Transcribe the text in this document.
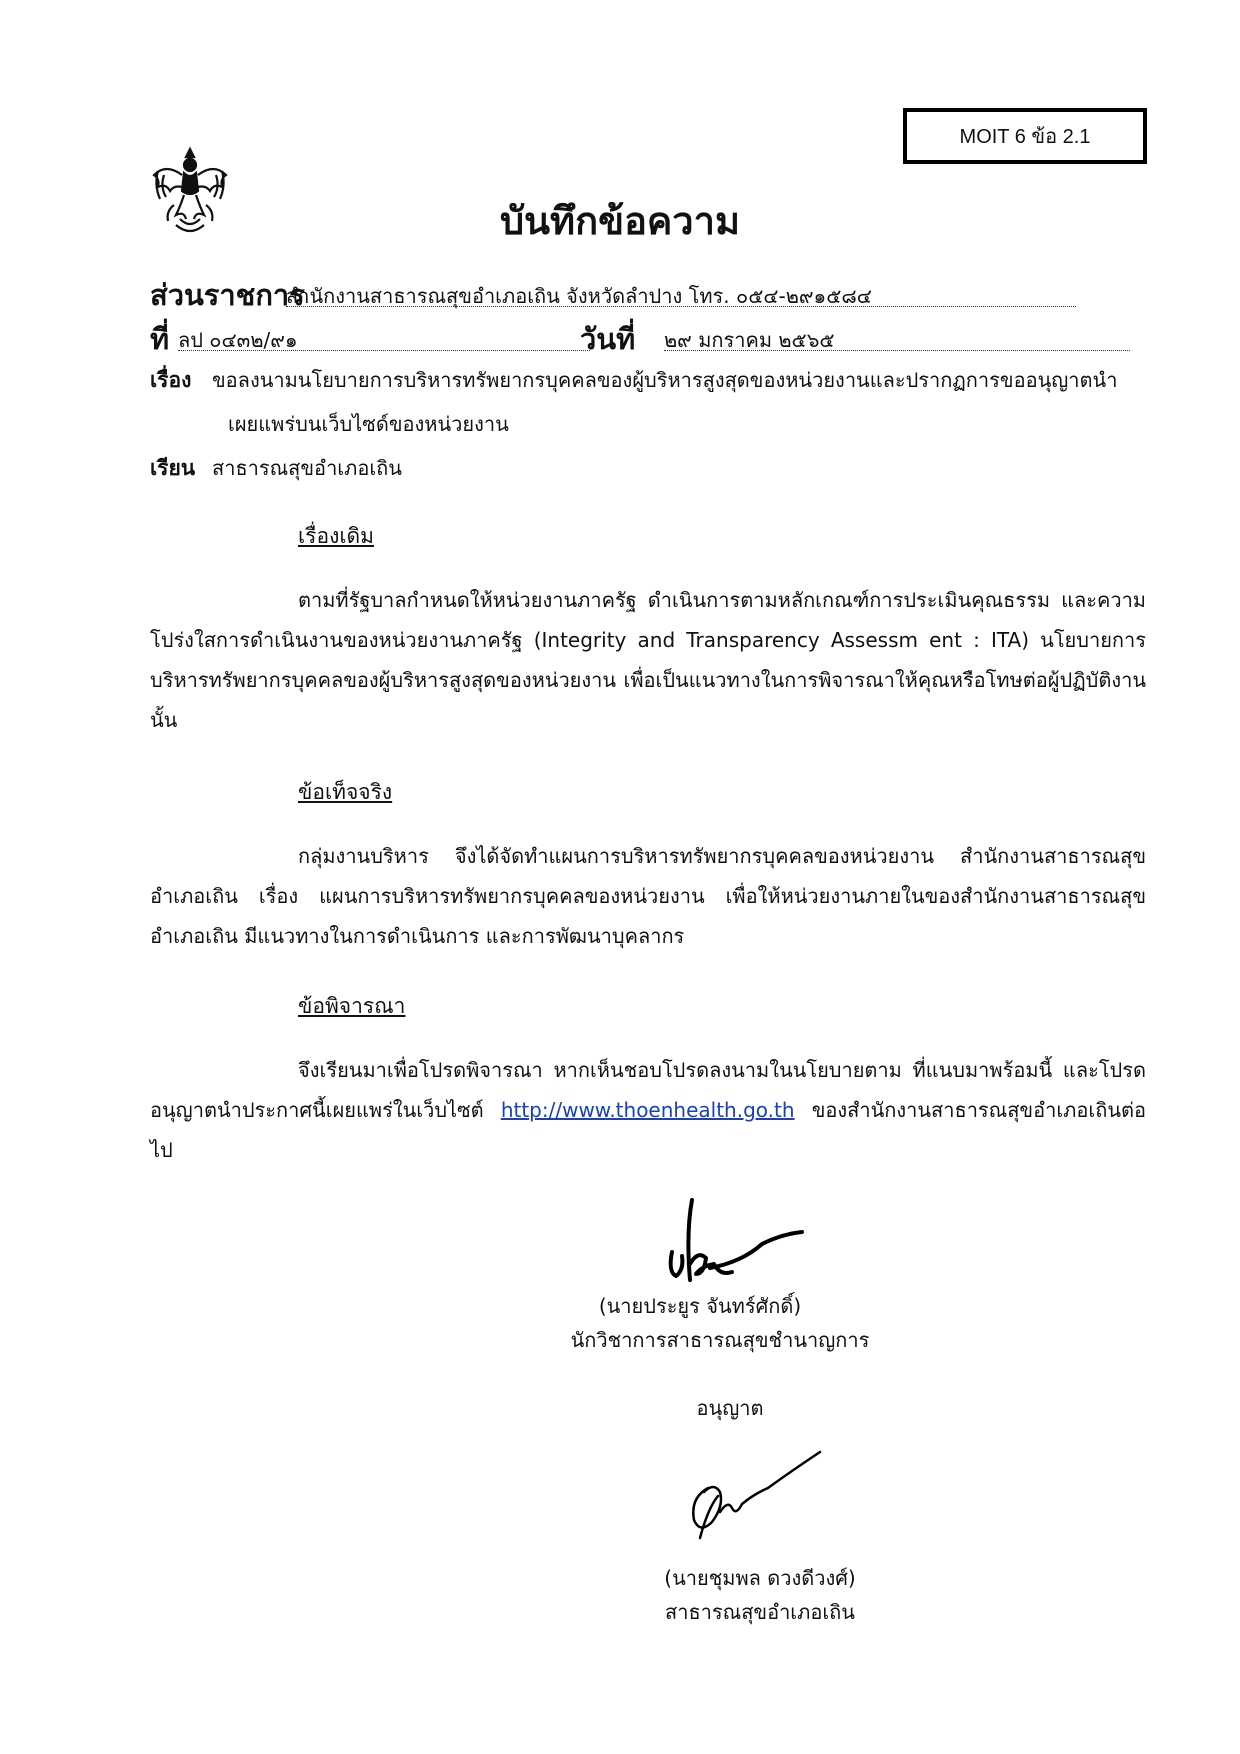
MOIT 6 ข้อ 2.1
บันทึกข้อความ
ส่วนราชการ
สำนักงานสาธารณสุขอำเภอเถิน จังหวัดลำปาง โทร. ๐๕๔-๒๙๑๕๘๔
ที่ ลป ๐๔๓๒/๙๑	วันที่ ๒๙ มกราคม ๒๕๖๕
เรื่อง ขอลงนามนโยบายการบริหารทรัพยากรบุคคลของผู้บริหารสูงสุดของหน่วยงานและปรากฏการขออนุญาตนำ
เผยแพร่บนเว็บไซด์ของหน่วยงาน
เรียน สาธารณสุขอำเภอเถิน
เรื่องเดิม

ตามที่รัฐบาลกำหนดให้หน่วยงานภาครัฐ ดำเนินการตามหลักเกณฑ์การประเมินคุณธรรม และความโปร่งใสการดำเนินงานของหน่วยงานภาครัฐ (Integrity and Transparency Assessm ent : ITA) นโยบายการบริหารทรัพยากรบุคคลของผู้บริหารสูงสุดของหน่วยงาน เพื่อเป็นแนวทางในการพิจารณาให้คุณหรือโทษต่อผู้ปฏิบัติงาน นั้น

ข้อเท็จจริง

กลุ่มงานบริหาร จึงได้จัดทำแผนการบริหารทรัพยากรบุคคลของหน่วยงาน สำนักงานสาธารณสุขอำเภอเถิน เรื่อง แผนการบริหารทรัพยากรบุคคลของหน่วยงาน เพื่อให้หน่วยงานภายในของสำนักงานสาธารณสุขอำเภอเถิน มีแนวทางในการดำเนินการ และการพัฒนาบุคลากร

ข้อพิจารณา

จึงเรียนมาเพื่อโปรดพิจารณา หากเห็นชอบโปรดลงนามในนโยบายตาม ที่แนบมาพร้อมนี้ และโปรดอนุญาตนำประกาศนี้เผยแพร่ในเว็บไซต์ http://www.thoenhealth.go.th ของสำนักงานสาธารณสุขอำเภอเถินต่อไป

(นายประยูร จันทร์ศักดิ์)
นักวิชาการสาธารณสุขชำนาญการ
อนุญาต
(นายชุมพล ดวงดีวงศ์)
สาธารณสุขอำเภอเถิน
